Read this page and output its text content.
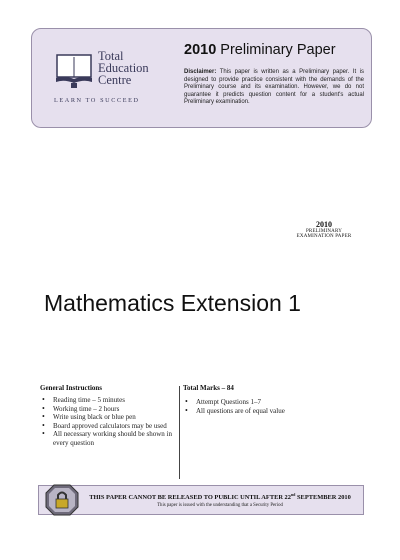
Total
Education
Centre
LEARN TO SUCCEED
2010 Preliminary Paper
Disclaimer: This paper is written as a Preliminary paper. It is designed to provide practice consistent with the demands of the Preliminary course and its examination. However, we do not guarantee it predicts question content for a student's actual Preliminary examination.
2010
PRELIMINARY
EXAMINATION PAPER
Mathematics Extension 1
General Instructions
• Reading time – 5 minutes
• Working time – 2 hours
• Write using black or blue pen
• Board approved calculators may be used
• All necessary working should be shown in every question
Total Marks – 84
• Attempt Questions 1–7
• All questions are of equal value
THIS PAPER CANNOT BE RELEASED TO PUBLIC UNTIL AFTER 22nd SEPTEMBER 2010
This paper is issued with the understanding that a Security Period
